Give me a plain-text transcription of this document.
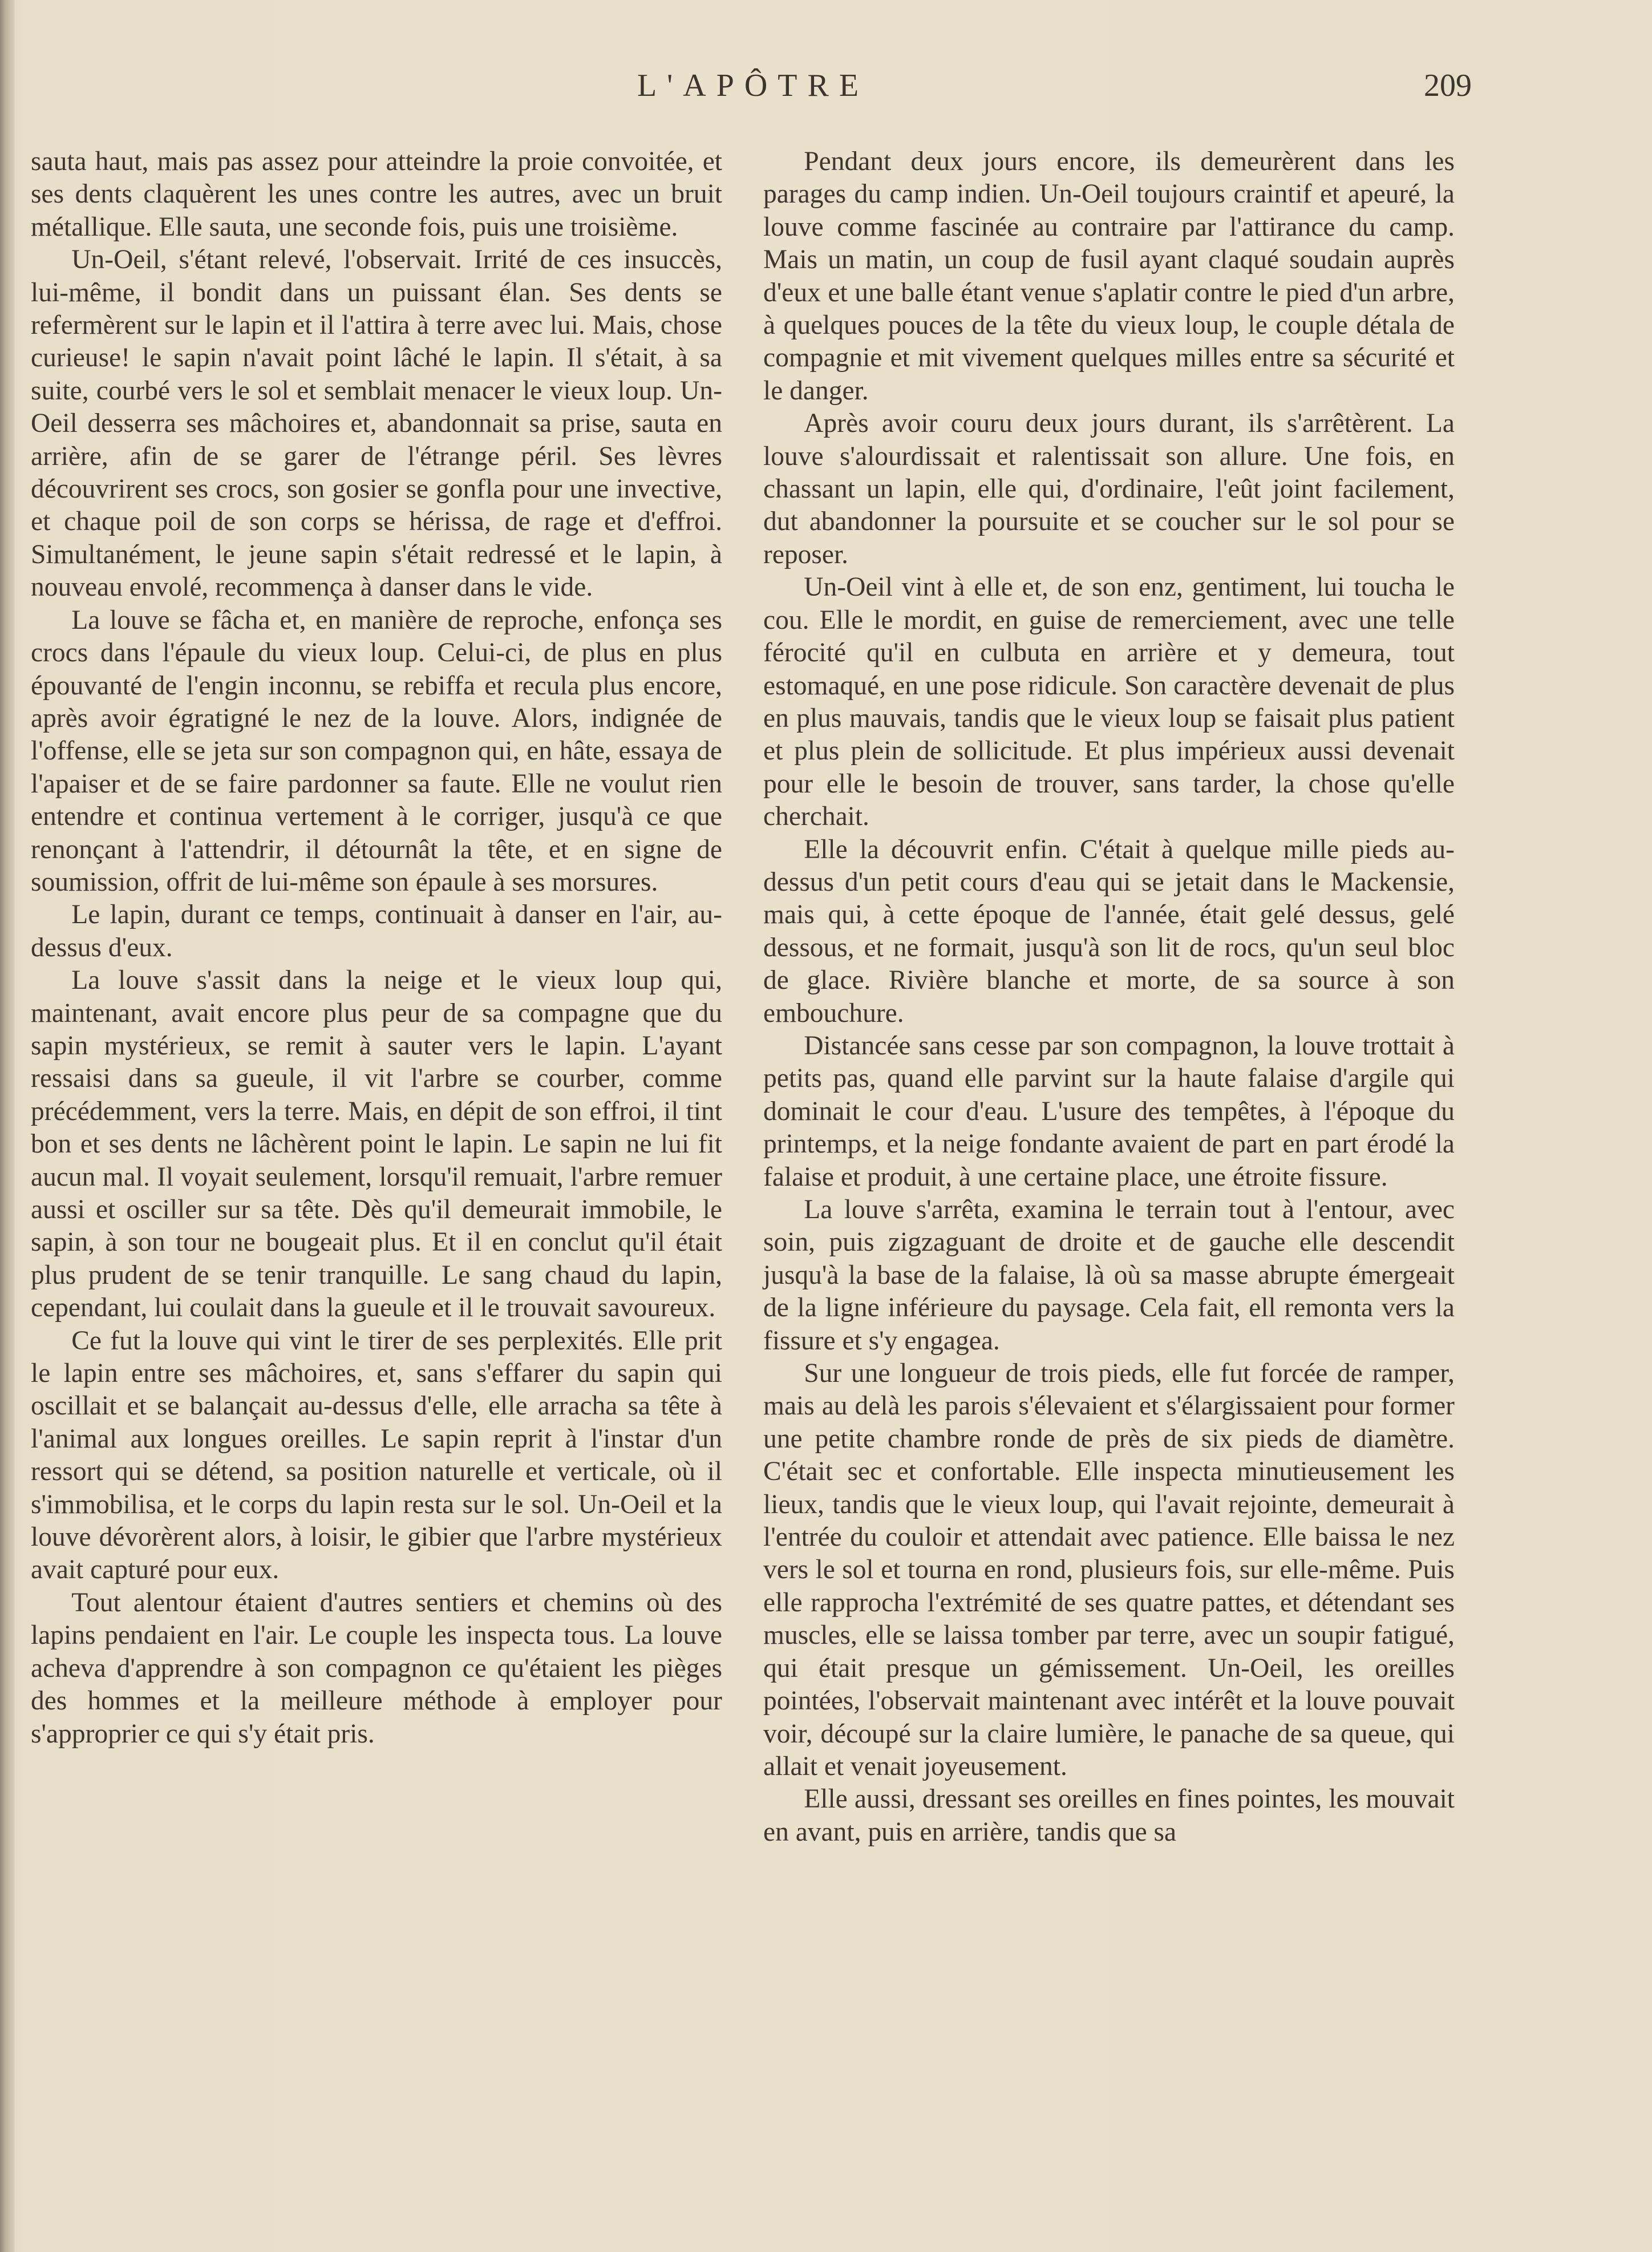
L'APÔTRE	209

sauta haut, mais pas assez pour atteindre la proie convoitée, et ses dents claquèrent les unes contre les autres, avec un bruit métallique. Elle sauta, une seconde fois, puis une troisième.

Un-Oeil, s'étant relevé, l'observait. Irrité de ces insuccès, lui-même, il bondit dans un puissant élan. Ses dents se refermèrent sur le lapin et il l'attira à terre avec lui. Mais, chose curieuse! le sapin n'avait point lâché le lapin. Il s'était, à sa suite, courbé vers le sol et semblait menacer le vieux loup. Un-Oeil desserra ses mâchoires et, abandonnait sa prise, sauta en arrière, afin de se garer de l'étrange péril. Ses lèvres découvrirent ses crocs, son gosier se gonfla pour une invective, et chaque poil de son corps se hérissa, de rage et d'effroi. Simultanément, le jeune sapin s'était redressé et le lapin, à nouveau envolé, recommença à danser dans le vide.

La louve se fâcha et, en manière de reproche, enfonça ses crocs dans l'épaule du vieux loup. Celui-ci, de plus en plus épouvanté de l'engin inconnu, se rebiffa et recula plus encore, après avoir égratigné le nez de la louve. Alors, indignée de l'offense, elle se jeta sur son compagnon qui, en hâte, essaya de l'apaiser et de se faire pardonner sa faute. Elle ne voulut rien entendre et continua vertement à le corriger, jusqu'à ce que renonçant à l'attendrir, il détournât la tête, et en signe de soumission, offrit de lui-même son épaule à ses morsures.

Le lapin, durant ce temps, continuait à danser en l'air, au-dessus d'eux.

La louve s'assit dans la neige et le vieux loup qui, maintenant, avait encore plus peur de sa compagne que du sapin mystérieux, se remit à sauter vers le lapin. L'ayant ressaisi dans sa gueule, il vit l'arbre se courber, comme précédemment, vers la terre. Mais, en dépit de son effroi, il tint bon et ses dents ne lâchèrent point le lapin. Le sapin ne lui fit aucun mal. Il voyait seulement, lorsqu'il remuait, l'arbre remuer aussi et osciller sur sa tête. Dès qu'il demeurait immobile, le sapin, à son tour ne bougeait plus. Et il en conclut qu'il était plus prudent de se tenir tranquille. Le sang chaud du lapin, cependant, lui coulait dans la gueule et il le trouvait savoureux.

Ce fut la louve qui vint le tirer de ses perplexités. Elle prit le lapin entre ses mâchoires, et, sans s'effarer du sapin qui oscillait et se balançait au-dessus d'elle, elle arracha sa tête à l'animal aux longues oreilles. Le sapin reprit à l'instar d'un ressort qui se détend, sa position naturelle et verticale, où il s'immobilisa, et le corps du lapin resta sur le sol. Un-Oeil et la louve dévorèrent alors, à loisir, le gibier que l'arbre mystérieux avait capturé pour eux.

Tout alentour étaient d'autres sentiers et chemins où des lapins pendaient en l'air. Le couple les inspecta tous. La louve acheva d'apprendre à son compagnon ce qu'étaient les pièges des hommes et la meilleure méthode à employer pour s'approprier ce qui s'y était pris.

Pendant deux jours encore, ils demeurèrent dans les parages du camp indien. Un-Oeil toujours craintif et apeuré, la louve comme fascinée au contraire par l'attirance du camp. Mais un matin, un coup de fusil ayant claqué soudain auprès d'eux et une balle étant venue s'aplatir contre le pied d'un arbre, à quelques pouces de la tête du vieux loup, le couple détala de compagnie et mit vivement quelques milles entre sa sécurité et le danger.

Après avoir couru deux jours durant, ils s'arrêtèrent. La louve s'alourdissait et ralentissait son allure. Une fois, en chassant un lapin, elle qui, d'ordinaire, l'eût joint facilement, dut abandonner la poursuite et se coucher sur le sol pour se reposer.

Un-Oeil vint à elle et, de son enz, gentiment, lui toucha le cou. Elle le mordit, en guise de remerciement, avec une telle férocité qu'il en culbuta en arrière et y demeura, tout estomaqué, en une pose ridicule. Son caractère devenait de plus en plus mauvais, tandis que le vieux loup se faisait plus patient et plus plein de sollicitude. Et plus impérieux aussi devenait pour elle le besoin de trouver, sans tarder, la chose qu'elle cherchait.

Elle la découvrit enfin. C'était à quelque mille pieds au-dessus d'un petit cours d'eau qui se jetait dans le Mackensie, mais qui, à cette époque de l'année, était gelé dessus, gelé dessous, et ne formait, jusqu'à son lit de rocs, qu'un seul bloc de glace. Rivière blanche et morte, de sa source à son embouchure.

Distancée sans cesse par son compagnon, la louve trottait à petits pas, quand elle parvint sur la haute falaise d'argile qui dominait le cour d'eau. L'usure des tempêtes, à l'époque du printemps, et la neige fondante avaient de part en part érodé la falaise et produit, à une certaine place, une étroite fissure.

La louve s'arrêta, examina le terrain tout à l'entour, avec soin, puis zigzaguant de droite et de gauche elle descendit jusqu'à la base de la falaise, là où sa masse abrupte émergeait de la ligne inférieure du paysage. Cela fait, ell remonta vers la fissure et s'y engagea.

Sur une longueur de trois pieds, elle fut forcée de ramper, mais au delà les parois s'élevaient et s'élargissaient pour former une petite chambre ronde de près de six pieds de diamètre. C'était sec et confortable. Elle inspecta minutieusement les lieux, tandis que le vieux loup, qui l'avait rejointe, demeurait à l'entrée du couloir et attendait avec patience. Elle baissa le nez vers le sol et tourna en rond, plusieurs fois, sur elle-même. Puis elle rapprocha l'extrémité de ses quatre pattes, et détendant ses muscles, elle se laissa tomber par terre, avec un soupir fatigué, qui était presque un gémissement. Un-Oeil, les oreilles pointées, l'observait maintenant avec intérêt et la louve pouvait voir, découpé sur la claire lumière, le panache de sa queue, qui allait et venait joyeusement.

Elle aussi, dressant ses oreilles en fines pointes, les mouvait en avant, puis en arrière, tandis que sa
